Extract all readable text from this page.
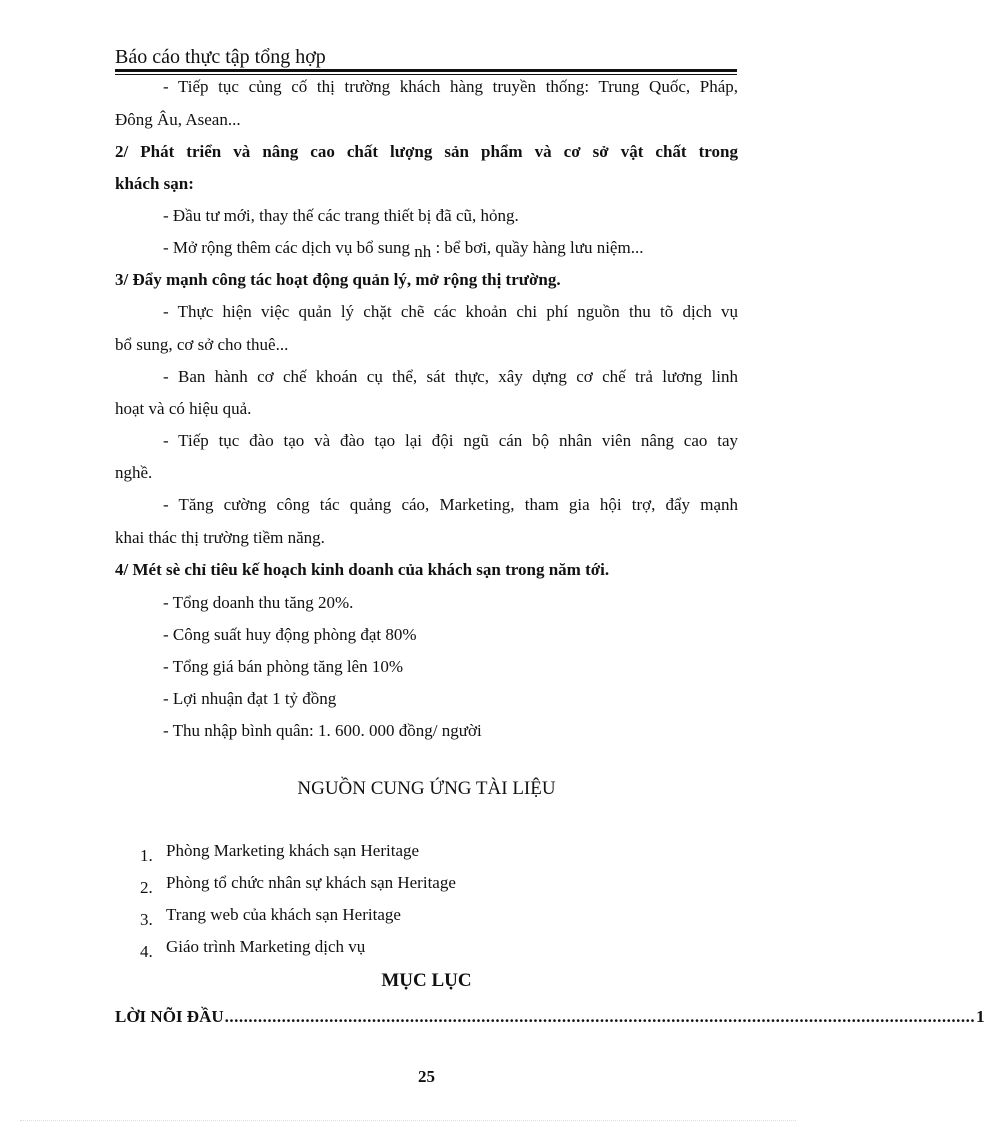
Báo cáo thực tập tổng hợp
- Tiếp tục củng cố thị trường khách hàng truyền thống: Trung Quốc, Pháp,
Đông Âu, Asean...
2/ Phát triển và nâng cao chất lượng sản phẩm và cơ sở vật chất trong
khách sạn:
- Đầu tư mới, thay thế các trang thiết bị đã cũ, hỏng.
- Mở rộng thêm các dịch vụ bổ sung nh : bể bơi, quầy hàng lưu niệm...
3/ Đẩy mạnh công tác hoạt động quản lý, mở rộng thị trường.
- Thực hiện việc quản lý chặt chẽ các khoản chi phí nguồn thu tõ dịch vụ
bổ sung, cơ sở cho thuê...
- Ban hành cơ chế khoán cụ thể, sát thực, xây dựng cơ chế trả lương linh
hoạt và có hiệu quả.
- Tiếp tục đào tạo và đào tạo lại đội ngũ cán bộ nhân viên nâng cao tay
nghề.
- Tăng cường công tác quảng cáo, Marketing, tham gia hội trợ, đẩy mạnh
khai thác thị trường tiềm năng.
4/ Mét sè chỉ tiêu kế hoạch kinh doanh của khách sạn trong năm tới.
- Tổng doanh thu tăng 20%.
- Công suất huy động phòng đạt 80%
- Tổng giá bán phòng tăng lên 10%
- Lợi nhuận đạt 1 tỷ đồng
- Thu nhập bình quân: 1. 600. 000 đồng/ người
NGUỒN CUNG ỨNG TÀI LIỆU
1. Phòng Marketing khách sạn Heritage
2. Phòng tổ chức nhân sự khách sạn Heritage
3. Trang web của khách sạn Heritage
4. Giáo trình Marketing dịch vụ
MỤC LỤC
LỜI NÕI ĐẦU .............................................................................................................................................................. 1
25
